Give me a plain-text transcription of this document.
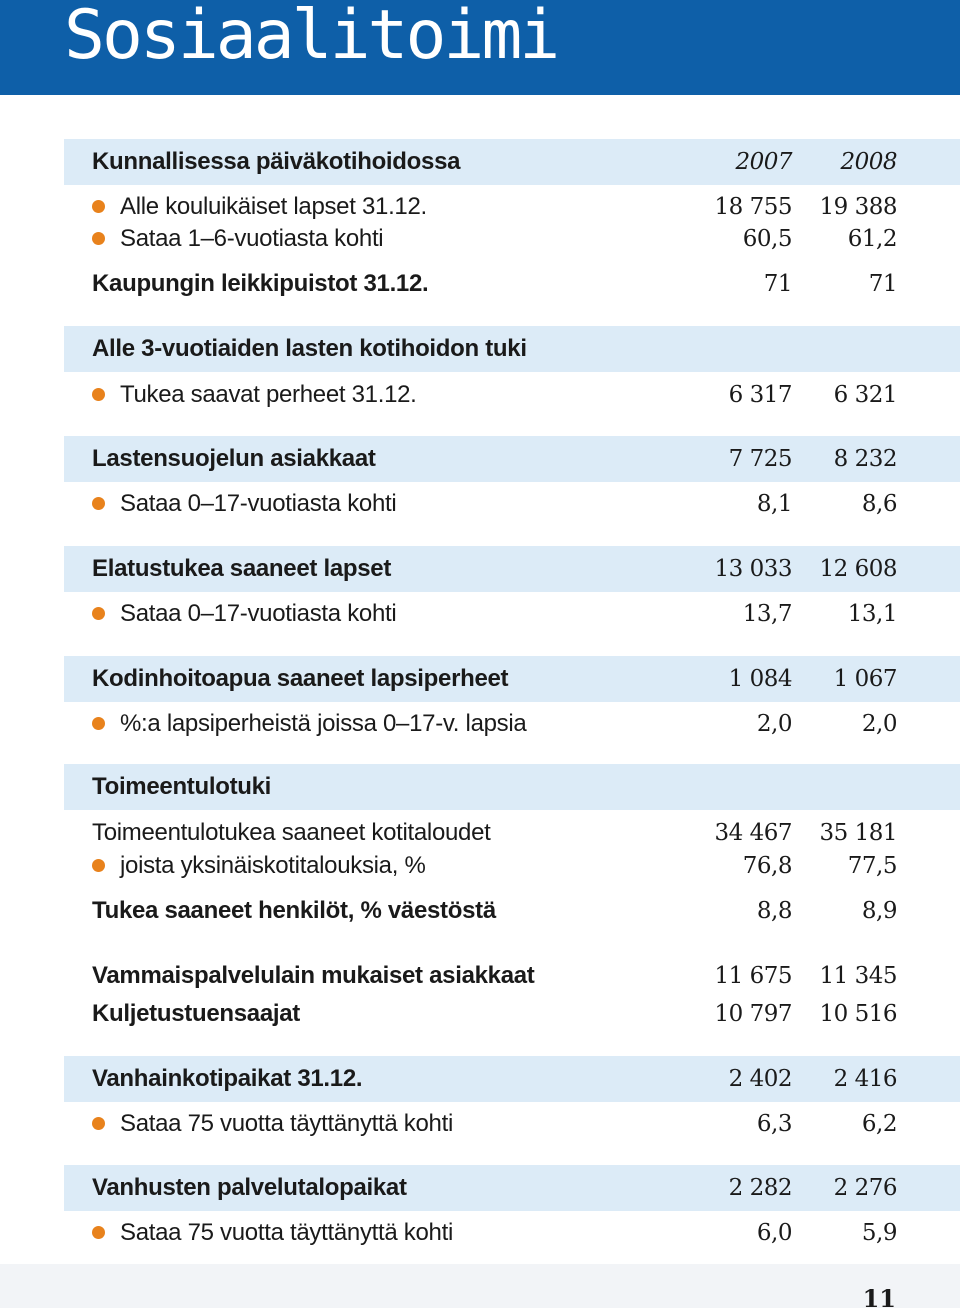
Sosiaalitoimi
Kunnallisessa päiväkotihoidossa	2007	2008
Alle kouluikäiset lapset 31.12.	18 755	19 388
Sataa 1–6-vuotiasta kohti	60,5	61,2
Kaupungin leikkipuistot 31.12.	71	71
Alle 3-vuotiaiden lasten kotihoidon tuki
Tukea saavat perheet 31.12.	6 317	6 321
Lastensuojelun asiakkaat	7 725	8 232
Sataa 0–17-vuotiasta kohti	8,1	8,6
Elatustukea saaneet lapset	13 033	12 608
Sataa 0–17-vuotiasta kohti	13,7	13,1
Kodinhoitoapua saaneet lapsiperheet	1 084	1 067
%:a lapsiperheistä joissa 0–17-v. lapsia	2,0	2,0
Toimeentulotuki
Toimeentulotukea saaneet kotitaloudet	34 467	35 181
joista yksinäiskotitalouksia, %	76,8	77,5
Tukea saaneet henkilöt, % väestöstä	8,8	8,9
Vammaispalvelulain mukaiset asiakkaat	11 675	11 345
Kuljetustuensaajat	10 797	10 516
Vanhainkotipaikat 31.12.	2 402	2 416
Sataa 75 vuotta täyttänyttä kohti	6,3	6,2
Vanhusten palvelutalopaikat	2 282	2 276
Sataa 75 vuotta täyttänyttä kohti	6,0	5,9
11
